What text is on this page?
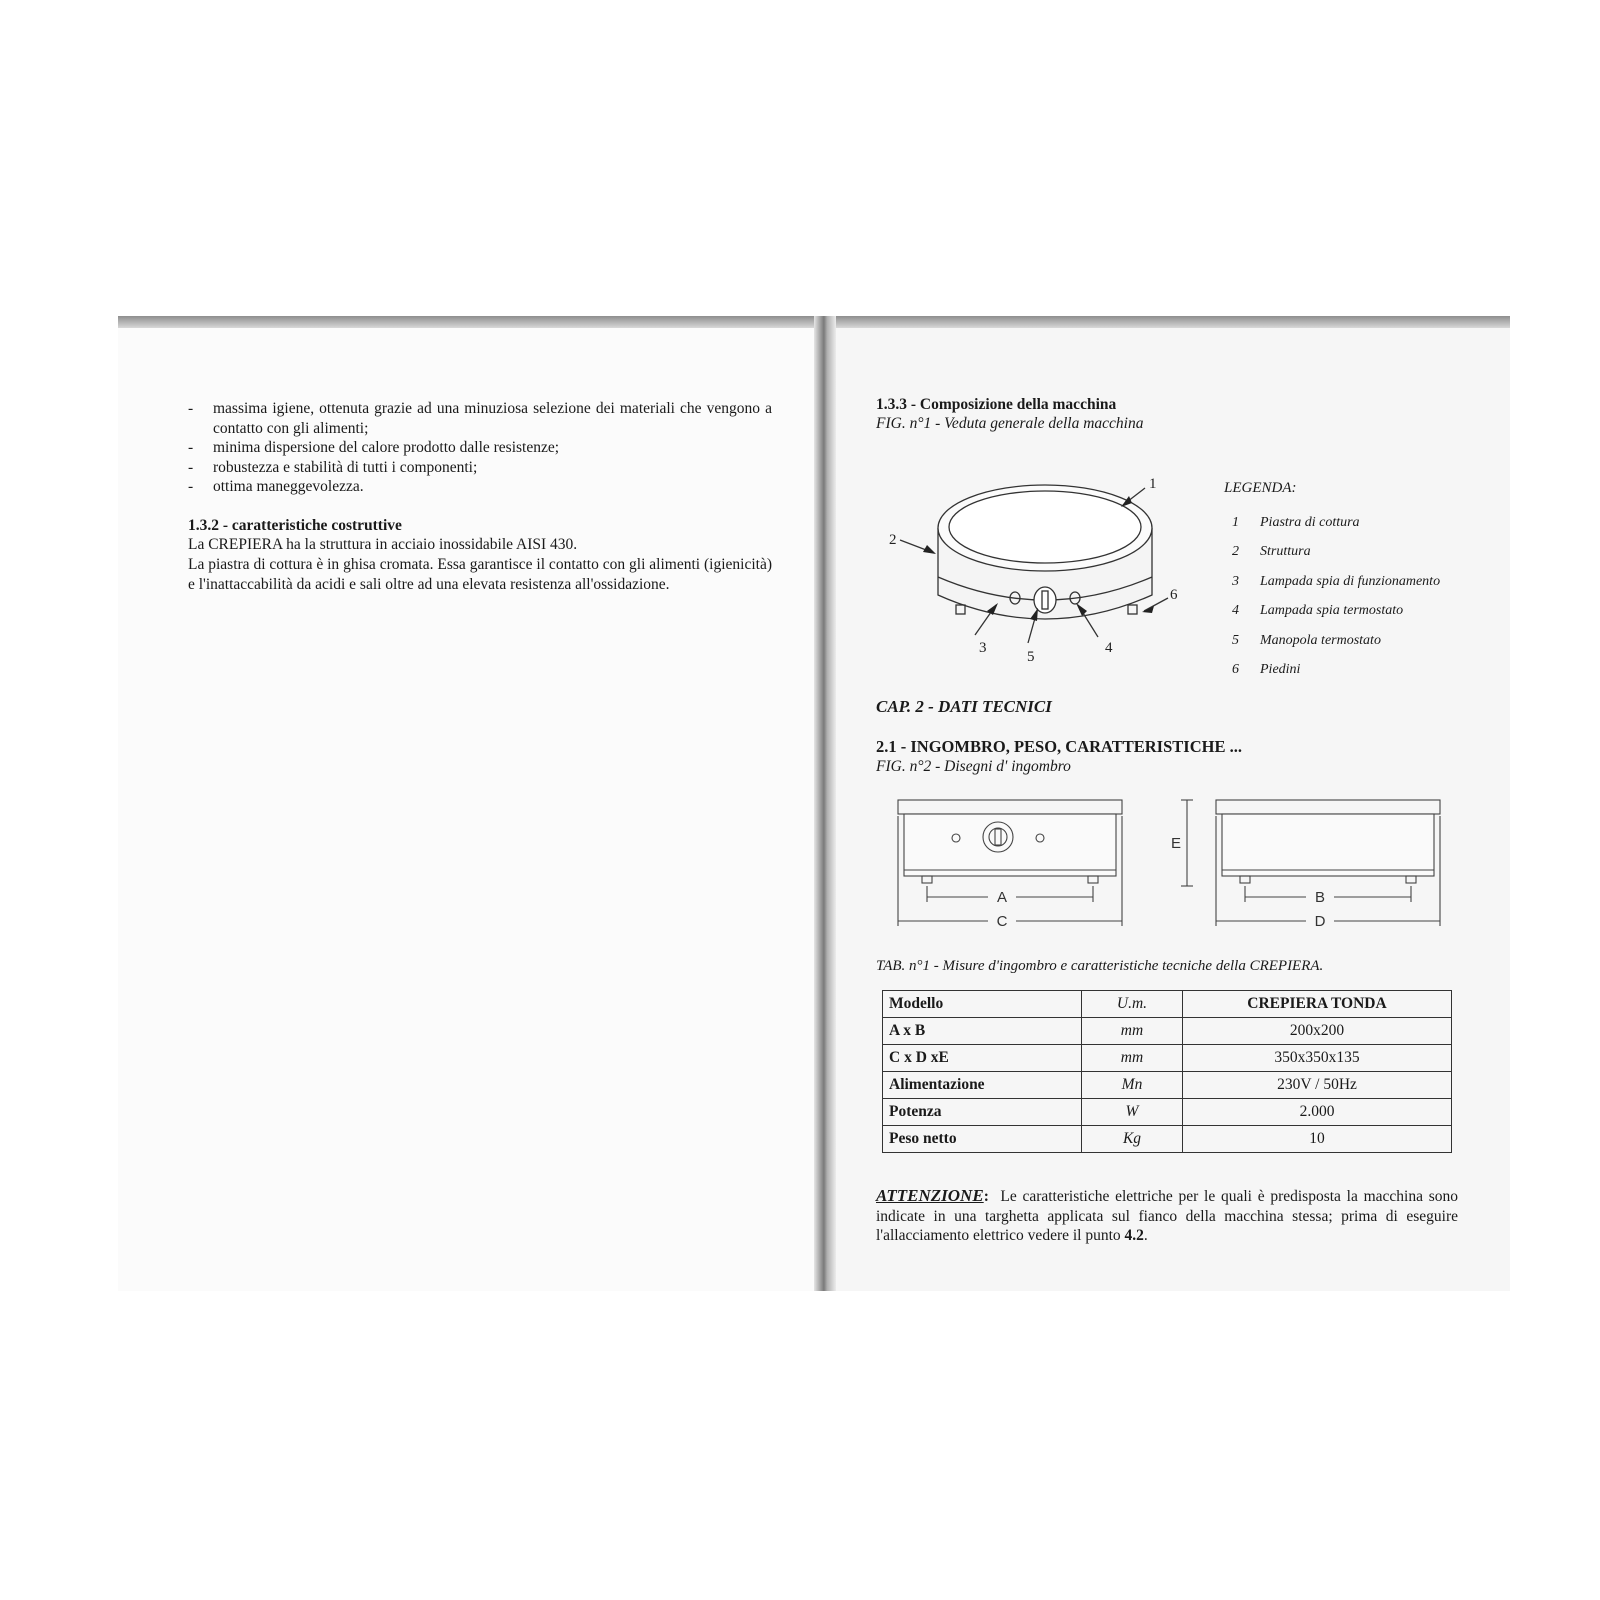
- massima igiene, ottenuta grazie ad una minuziosa selezione dei materiali che vengono a contatto con gli alimenti;
- minima dispersione del calore prodotto dalle resistenze;
- robustezza e stabilità di tutti i componenti;
- ottima maneggevolezza.
1.3.2 - caratteristiche costruttive
La CREPIERA ha la struttura in acciaio inossidabile AISI 430.
La piastra di cottura è in ghisa cromata. Essa garantisce il contatto con gli alimenti (igienicità) e l'inattaccabilità da acidi e sali oltre ad una elevata resistenza all'ossidazione.
1.3.3 - Composizione della macchina
FIG. n°1 - Veduta generale della macchina
1
2
3	4
5
6
LEGENDA:
1 Piastra di cottura
2 Struttura
3 Lampada spia di funzionamento
4 Lampada spia termostato
5 Manopola termostato
6 Piedini
CAP. 2 - DATI TECNICI
2.1 - INGOMBRO, PESO, CARATTERISTICHE ...
FIG. n°2 - Disegni d' ingombro
A
C
E
B
D
TAB. n°1 - Misure d'ingombro e caratteristiche tecniche della CREPIERA.
Modello	U.m.	CREPIERA TONDA
A x B	mm	200x200
C x D xE	mm	350x350x135
Alimentazione	Mn	230V / 50Hz
Potenza	W	2.000
Peso netto	Kg	10
ATTENZIONE: Le caratteristiche elettriche per le quali è predisposta la macchina sono indicate in una targhetta applicata sul fianco della macchina stessa; prima di eseguire l'allacciamento elettrico vedere il punto 4.2.
